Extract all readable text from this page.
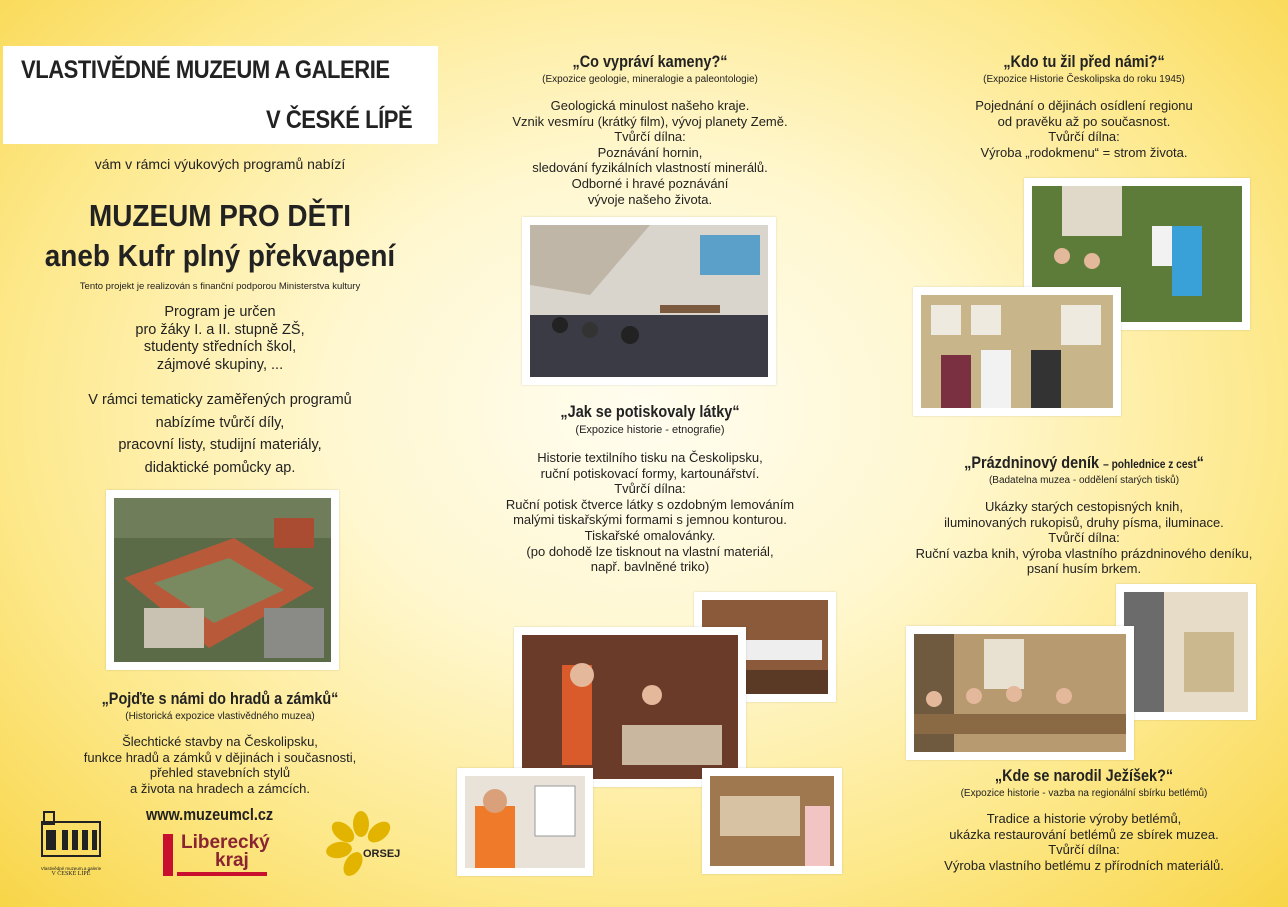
VLASTIVĚDNÉ MUZEUM A GALERIE
V ČESKÉ LÍPĚ
vám v rámci výukových programů nabízí
MUZEUM PRO DĚTI
aneb Kufr plný překvapení
Tento projekt je realizován s finanční podporou Ministerstva kultury
Program je určen
pro žáky I. a II. stupně ZŠ,
studenty středních škol,
zájmové skupiny, ...
V rámci tematicky zaměřených programů
nabízíme tvůrčí díly,
pracovní listy, studijní materiály,
didaktické pomůcky ap.
„Pojďte s námi do hradů a zámků“
(Historická expozice vlastivědného muzea)
Šlechtické stavby na Českolipsku,
funkce hradů a zámků v dějinách i současnosti,
přehled stavebních stylů
a života na hradech a zámcích.
www.muzeumcl.cz
Vlastivědné muzeum a galerie
V ČESKÉ LÍPĚ
Liberecký
kraj	ORSEJ
„Co vypráví kameny?“
(Expozice geologie, mineralogie a paleontologie)
Geologická minulost našeho kraje.
Vznik vesmíru (krátký film), vývoj planety Země.
Tvůrčí dílna:
Poznávání hornin,
sledování fyzikálních vlastností minerálů.
Odborné i hravé poznávání
vývoje našeho života.
„Jak se potiskovaly látky“
(Expozice historie - etnografie)
Historie textilního tisku na Českolipsku,
ruční potiskovací formy, kartounářství.
Tvůrčí dílna:
Ruční potisk čtverce látky s ozdobným lemováním
malými tiskařskými formami s jemnou konturou.
Tiskařské omalovánky.
(po dohodě lze tisknout na vlastní materiál,
např. bavlněné triko)
„Kdo tu žil před námi?“
(Expozice Historie Českolipska do roku 1945)
Pojednání o dějinách osídlení regionu
od pravěku až po současnost.
Tvůrčí dílna:
Výroba „rodokmenu“ = strom života.
„Prázdninový deník – pohlednice z cest“
(Badatelna muzea - oddělení starých tisků)
Ukázky starých cestopisných knih,
iluminovaných rukopisů, druhy písma, iluminace.
Tvůrčí dílna:
Ruční vazba knih, výroba vlastního prázdninového deníku,
psaní husím brkem.
„Kde se narodil Ježíšek?“
(Expozice historie - vazba na regionální sbírku betlémů)
Tradice a historie výroby betlémů,
ukázka restaurování betlémů ze sbírek muzea.
Tvůrčí dílna:
Výroba vlastního betlému z přírodních materiálů.
